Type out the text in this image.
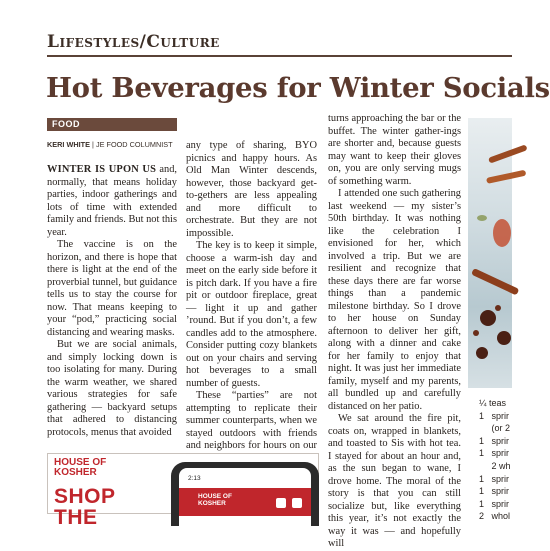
Lifestyles/Culture
Hot Beverages for Winter Socials
FOOD
KERI WHITE | JE FOOD COLUMNIST

WINTER IS UPON US and, normally, that means holiday parties, indoor gatherings and lots of time with extended family and friends. But not this year.

The vaccine is on the horizon, and there is hope that there is light at the end of the proverbial tunnel, but guidance tells us to stay the course for now. That means keeping to your “pod,” practicing social distancing and wearing masks.

But we are social animals, and simply locking down is too isolating for many. During the warm weather, we shared various strategies for safe gathering — backyard setups that adhered to distancing protocols, menus that avoided

any type of sharing, BYO picnics and happy hours. As Old Man Winter descends, however, those backyard get-to-gethers are less appealing and more difficult to orchestrate. But they are not impossible.

The key is to keep it simple, choose a warm-ish day and meet on the early side before it is pitch dark. If you have a fire pit or outdoor fireplace, great — light it up and gather ’round. But if you don’t, a few candles add to the atmosphere. Consider putting cozy blankets out on your chairs and serving hot beverages to a small number of guests.

These “parties” are not attempting to replicate their summer counterparts, when we stayed outdoors with friends and neighbors for hours on our

turns approaching the bar or the buffet. The winter gather-ings are shorter and, because guests may want to keep their gloves on, you are only serving mugs of something warm.

I attended one such gathering last weekend — my sister’s 50th birthday. It was nothing like the celebration I envisioned for her, which involved a trip. But we are resilient and recognize that these days there are far worse things than a pandemic milestone birthday. So I drove to her house on Sunday afternoon to deliver her gift, along with a dinner and cake for her family to enjoy that night. It was just her immediate family, myself and my parents, all bundled up and carefully distanced on her patio.

We sat around the fire pit, coats on, wrapped in blankets, and toasted to Sis with hot tea. I stayed for about an hour and, as the sun began to wane, I drove home. The moral of the story is that you can still socialize but, like everything this year, it’s not exactly the way it was — and hopefully will

¼ teas
1   sprir
(or 2
1   sprir
1   sprir
2 wh
1   sprir
1   sprir
1   sprir
2   whol
HOUSE OF
KOSHER
SHOP
THE
2:13
HOUSE OF
KOSHER
